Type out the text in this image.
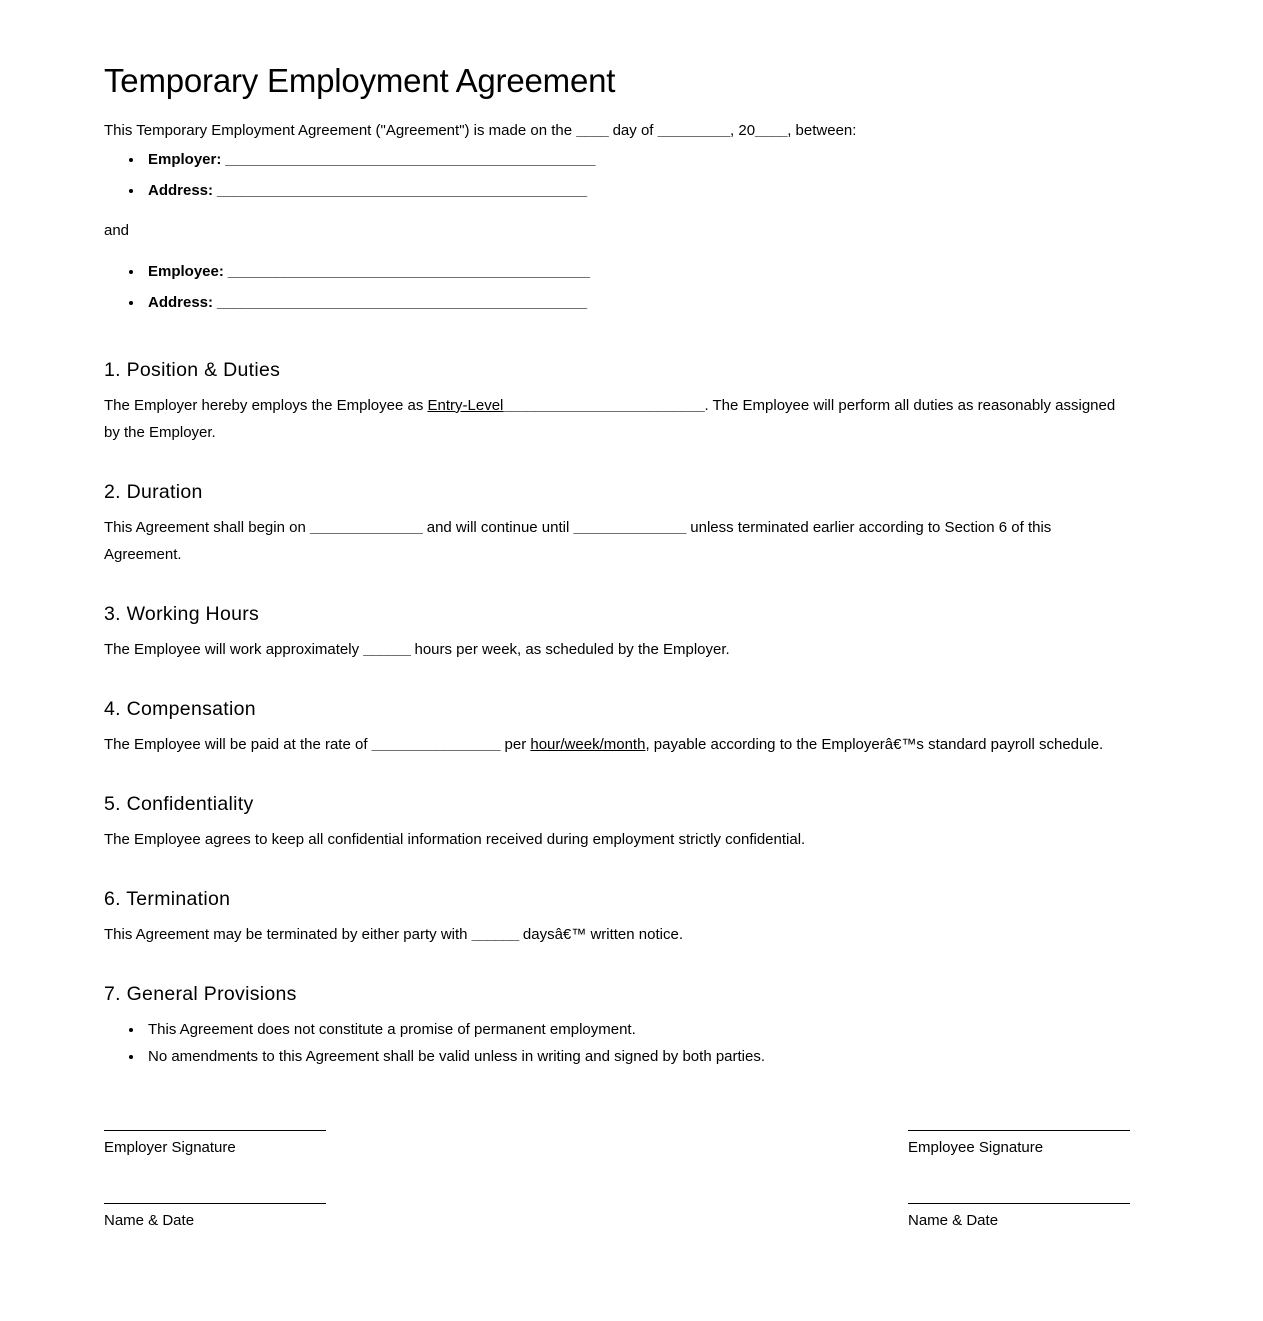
Temporary Employment Agreement

This Temporary Employment Agreement ("Agreement") is made on the ____ day of _________, 20____, between:

• Employer: ______________________________________________
• Address: ______________________________________________

and

• Employee: _____________________________________________
• Address: ______________________________________________
1. Position & Duties

The Employer hereby employs the Employee as Entry-Level_________________________. The Employee will perform all duties as reasonably assigned by the Employer.

2. Duration

This Agreement shall begin on ______________ and will continue until ______________ unless terminated earlier according to Section 6 of this Agreement.

3. Working Hours

The Employee will work approximately ______ hours per week, as scheduled by the Employer.

4. Compensation

The Employee will be paid at the rate of ________________ per hour/week/month, payable according to the Employerâ€™s standard payroll schedule.

5. Confidentiality

The Employee agrees to keep all confidential information received during employment strictly confidential.

6. Termination

This Agreement may be terminated by either party with ______ daysâ€™ written notice.

7. General Provisions
• This Agreement does not constitute a promise of permanent employment.
• No amendments to this Agreement shall be valid unless in writing and signed by both parties.
Employer Signature	Employee Signature
Name & Date	Name & Date
